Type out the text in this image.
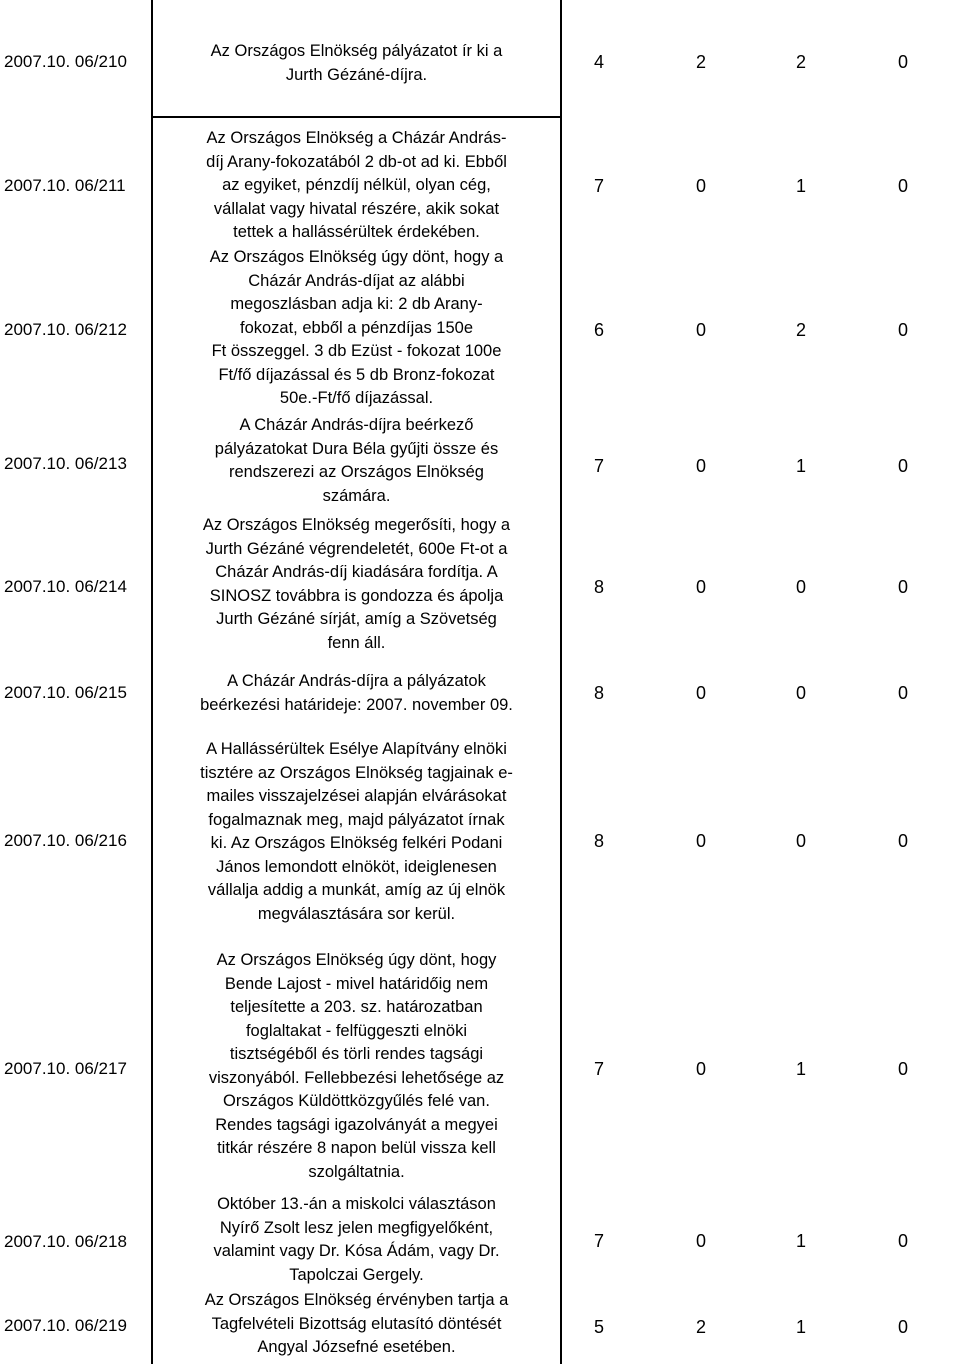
2007.10. 06/210
Az Országos Elnökség pályázatot ír ki a
Jurth Gézáné-díjra.
4	2	2	0
2007.10. 06/211
Az Országos Elnökség a Cházár András-
díj Arany-fokozatából 2 db-ot ad ki. Ebből
az egyiket, pénzdíj nélkül, olyan cég,
vállalat vagy hivatal részére, akik sokat
tettek a hallássérültek érdekében.
7	0	1	0
2007.10. 06/212
Az Országos Elnökség úgy dönt, hogy a
Cházár András-díjat az alábbi
megoszlásban adja ki: 2 db Arany-
fokozat, ebből a pénzdíjas 150e
Ft összeggel. 3 db Ezüst - fokozat 100e
Ft/fő díjazással és 5 db Bronz-fokozat
50e.-Ft/fő díjazással.
6	0	2	0
2007.10. 06/213
A Cházár András-díjra beérkező
pályázatokat Dura Béla gyűjti össze és
rendszerezi az Országos Elnökség
számára.
7	0	1	0
2007.10. 06/214
Az Országos Elnökség megerősíti, hogy a
Jurth Gézáné végrendeletét, 600e Ft-ot a
Cházár András-díj kiadására fordítja. A
SINOSZ továbbra is gondozza és ápolja
Jurth Gézáné sírját, amíg a Szövetség
fenn áll.
8	0	0	0
2007.10. 06/215
A Cházár András-díjra a pályázatok
beérkezési határideje: 2007. november 09.
8	0	0	0
2007.10. 06/216
A Hallássérültek Esélye Alapítvány elnöki
tisztére az Országos Elnökség tagjainak e-
mailes visszajelzései alapján elvárásokat
fogalmaznak meg, majd pályázatot írnak
ki. Az Országos Elnökség felkéri Podani
János lemondott elnököt, ideiglenesen
vállalja addig a munkát, amíg az új elnök
megválasztására sor kerül.
8	0	0	0
2007.10. 06/217
Az Országos Elnökség úgy dönt, hogy
Bende Lajost - mivel határidőig nem
teljesítette a 203. sz. határozatban
foglaltakat - felfüggeszti elnöki
tisztségéből és törli rendes tagsági
viszonyából. Fellebbezési lehetősége az
Országos Küldöttközgyűlés felé van.
Rendes tagsági igazolványát a megyei
titkár részére 8 napon belül vissza kell
szolgáltatnia.
7	0	1	0
2007.10. 06/218
Október 13.-án a miskolci választáson
Nyírő Zsolt lesz jelen megfigyelőként,
valamint vagy Dr. Kósa Ádám, vagy Dr.
Tapolczai Gergely.
7	0	1	0
2007.10. 06/219
Az Országos Elnökség érvényben tartja a
Tagfelvételi Bizottság elutasító döntését
Angyal Józsefné esetében.
5	2	1	0
